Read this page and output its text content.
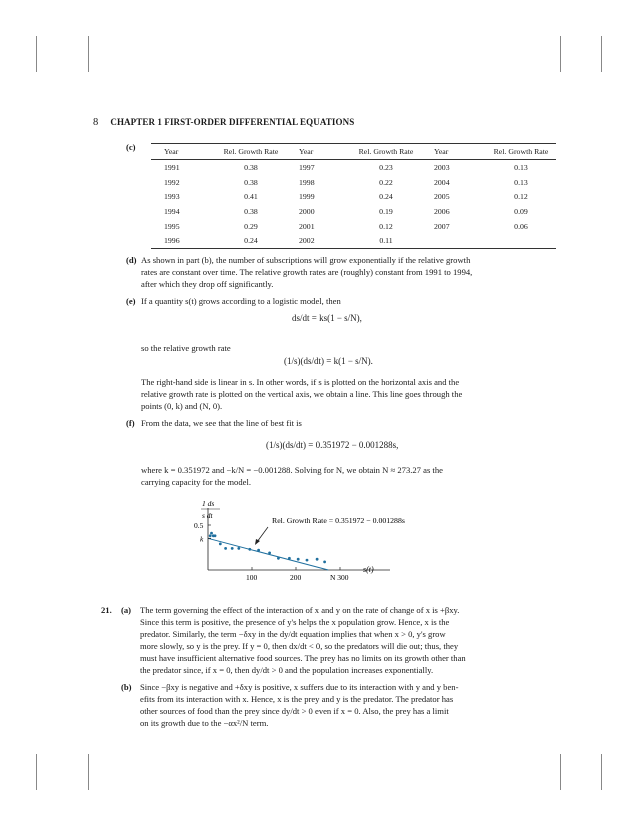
8 CHAPTER 1 FIRST-ORDER DIFFERENTIAL EQUATIONS
(c)	Year	Rel. Growth Rate	Year	Rel. Growth Rate	Year	Rel. Growth Rate
1991	0.38	1997	0.23	2003	0.13
1992	0.38	1998	0.22	2004	0.13
1993	0.41	1999	0.24	2005	0.12
1994	0.38	2000	0.19	2006	0.09
1995	0.29	2001	0.12	2007	0.06
1996	0.24	2002	0.11		
(d) As shown in part (b), the number of subscriptions will grow exponentially if the relative growth
rates are constant over time. The relative growth rates are (roughly) constant from 1991 to 1994,
after which they drop off significantly.
(e) If a quantity s(t) grows according to a logistic model, then
ds/dt = ks(1 − s/N),
so the relative growth rate
(1/s)(ds/dt) = k(1 − s/N).
The right-hand side is linear in s. In other words, if s is plotted on the horizontal axis and the
relative growth rate is plotted on the vertical axis, we obtain a line. This line goes through the
points (0, k) and (N, 0).
(f) From the data, we see that the line of best fit is
(1/s)(ds/dt) = 0.351972 − 0.001288s,
where k = 0.351972 and −k/N = −0.001288. Solving for N, we obtain N ≈ 273.27 as the
carrying capacity for the model.
1 ds
s dt
s(t)
Rel. Growth Rate = 0.351972 − 0.001288s
100	200	N 300
0.5
k
21. (a) The term governing the effect of the interaction of x and y on the rate of change of x is +βxy.
Since this term is positive, the presence of y's helps the x population grow. Hence, x is the
predator. Similarly, the term −δxy in the dy/dt equation implies that when x > 0, y's grow
more slowly, so y is the prey. If y = 0, then dx/dt < 0, so the predators will die out; thus, they
must have insufficient alternative food sources. The prey has no limits on its growth other than
the predator since, if x = 0, then dy/dt > 0 and the population increases exponentially.
(b) Since −βxy is negative and +δxy is positive, x suffers due to its interaction with y and y ben-
efits from its interaction with x. Hence, x is the prey and y is the predator. The predator has
other sources of food than the prey since dy/dt > 0 even if x = 0. Also, the prey has a limit
on its growth due to the −αx²/N term.
